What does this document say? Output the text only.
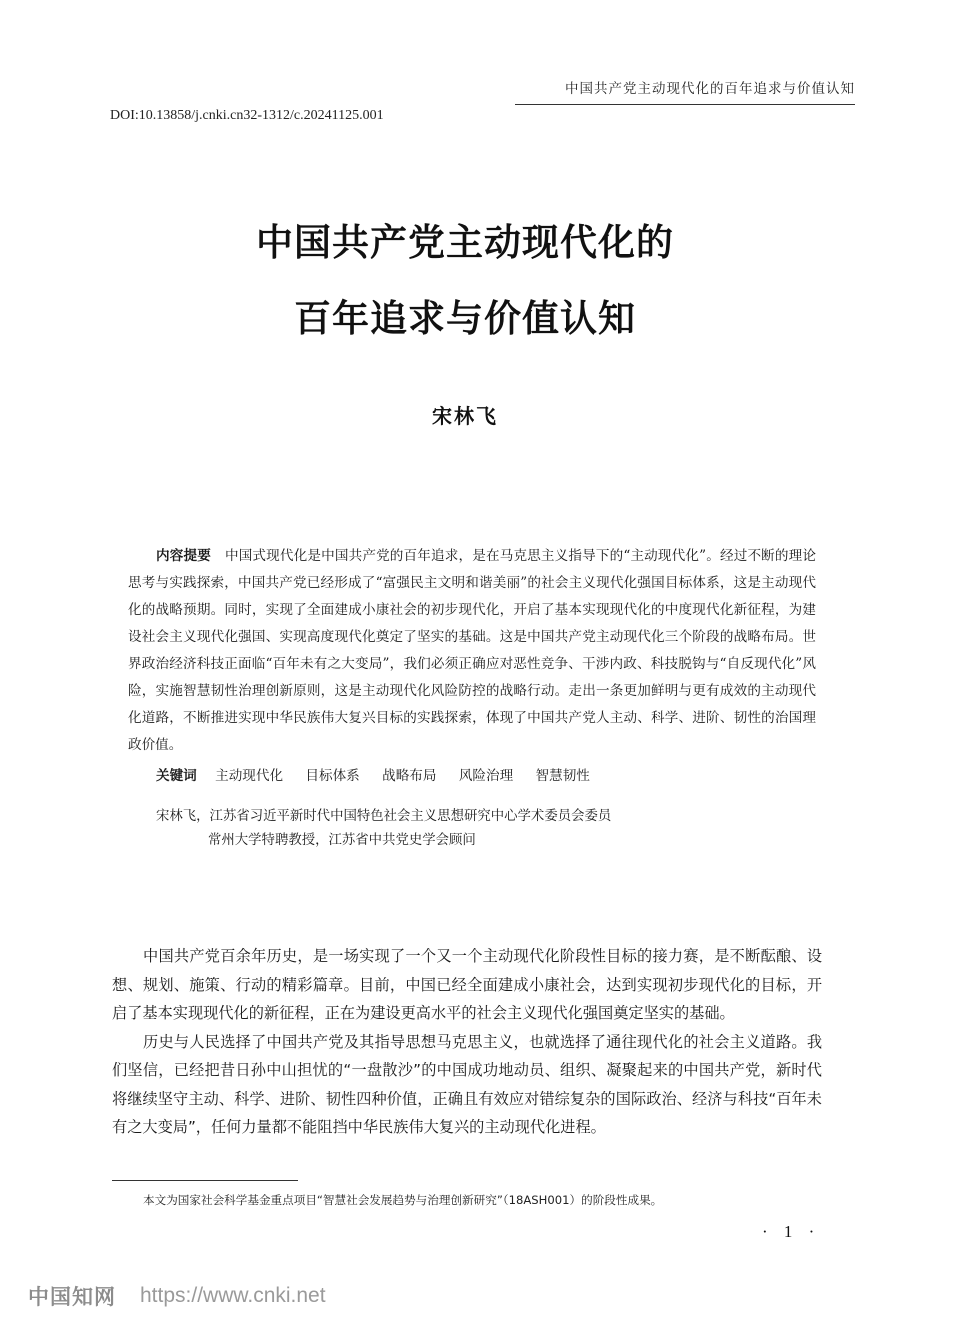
中国共产党主动现代化的百年追求与价值认知
DOI:10.13858/j.cnki.cn32-1312/c.20241125.001
中国共产党主动现代化的
百年追求与价值认知
宋林飞

内容提要 中国式现代化是中国共产党的百年追求，是在马克思主义指导下的“主动现代化”。经过不断的理论思考与实践探索，中国共产党已经形成了“富强民主文明和谐美丽”的社会主义现代化强国目标体系，这是主动现代化的战略预期。同时，实现了全面建成小康社会的初步现代化，开启了基本实现现代化的中度现代化新征程，为建设社会主义现代化强国、实现高度现代化奠定了坚实的基础。这是中国共产党主动现代化三个阶段的战略布局。世界政治经济科技正面临“百年未有之大变局”，我们必须正确应对恶性竞争、干涉内政、科技脱钩与“自反现代化”风险，实施智慧韧性治理创新原则，这是主动现代化风险防控的战略行动。走出一条更加鲜明与更有成效的主动现代化道路，不断推进实现中华民族伟大复兴目标的实践探索，体现了中国共产党人主动、科学、进阶、韧性的治国理政价值。

关键词 主动现代化 目标体系 战略布局 风险治理 智慧韧性
宋林飞，江苏省习近平新时代中国特色社会主义思想研究中心学术委员会委员
常州大学特聘教授，江苏省中共党史学会顾问

中国共产党百余年历史，是一场实现了一个又一个主动现代化阶段性目标的接力赛，是不断酝酿、设想、规划、施策、行动的精彩篇章。目前，中国已经全面建成小康社会，达到实现初步现代化的目标，开启了基本实现现代化的新征程，正在为建设更高水平的社会主义现代化强国奠定坚实的基础。

历史与人民选择了中国共产党及其指导思想马克思主义，也就选择了通往现代化的社会主义道路。我们坚信，已经把昔日孙中山担忧的“一盘散沙”的中国成功地动员、组织、凝聚起来的中国共产党，新时代将继续坚守主动、科学、进阶、韧性四种价值，正确且有效应对错综复杂的国际政治、经济与科技“百年未有之大变局”，任何力量都不能阻挡中华民族伟大复兴的主动现代化进程。

本文为国家社会科学基金重点项目“智慧社会发展趋势与治理创新研究”（18ASH001）的阶段性成果。
· 1 ·
中国知网 https://www.cnki.net
